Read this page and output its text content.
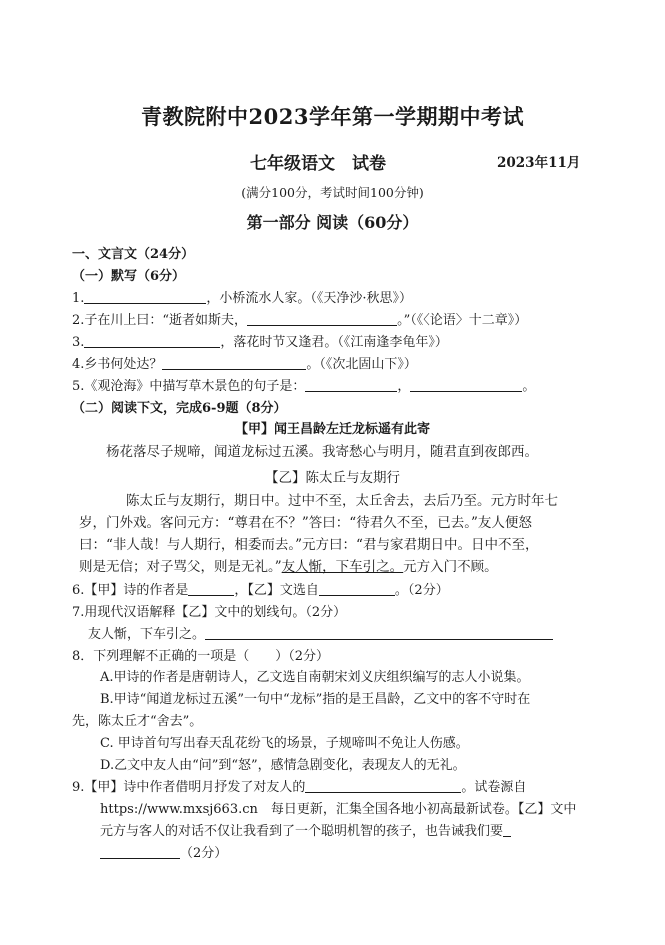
青教院附中2023学年第一学期期中考试
七年级语文　试卷	2023年11月
(满分100分，考试时间100分钟)
第一部分 阅读（60分）
一、文言文（24分）
（一）默写（6分）
1.	，小桥流水人家。（《天净沙·秋思》）
2.子在川上曰：“逝者如斯夫，	。”（《〈论语〉十二章》）
3.	，落花时节又逢君。（《江南逢李龟年》）
4.乡书何处达？	。（《次北固山下》）
5.《观沧海》中描写草木景色的句子是：	，	。
（二）阅读下文，完成6-9题（8分）
【甲】闻王昌龄左迁龙标遥有此寄
杨花落尽子规啼，闻道龙标过五溪。我寄愁心与明月，随君直到夜郎西。
【乙】陈太丘与友期行
陈太丘与友期行，期日中。过中不至，太丘舍去，去后乃至。元方时年七
岁，门外戏。客问元方：“尊君在不？”答曰：“待君久不至，已去。”友人便怒
曰：“非人哉！与人期行，相委而去。”元方曰：“君与家君期日中。日中不至，
则是无信；对子骂父，则是无礼。”友人惭，下车引之。元方入门不顾。
6.【甲】诗的作者是	，【乙】文选自	。（2分）
7.用现代汉语解释【乙】文中的划线句。（2分）
友人惭，下车引之。
8．下列理解不正确的一项是（　　）（2分）
A.甲诗的作者是唐朝诗人，乙文选自南朝宋刘义庆组织编写的志人小说集。
B.甲诗“闻道龙标过五溪”一句中“龙标”指的是王昌龄，乙文中的客不守时在
先，陈太丘才“舍去”。
C. 甲诗首句写出春天乱花纷飞的场景，子规啼叫不免让人伤感。
D.乙文中友人由“问”到“怒”，感情急剧变化，表现友人的无礼。
9.【甲】诗中作者借明月抒发了对友人的	。试卷源自
https://www.mxsj663.cn　每日更新，汇集全国各地小初高最新试卷。【乙】文中
元方与客人的对话不仅让我看到了一个聪明机智的孩子，也告诫我们要
（2分）
